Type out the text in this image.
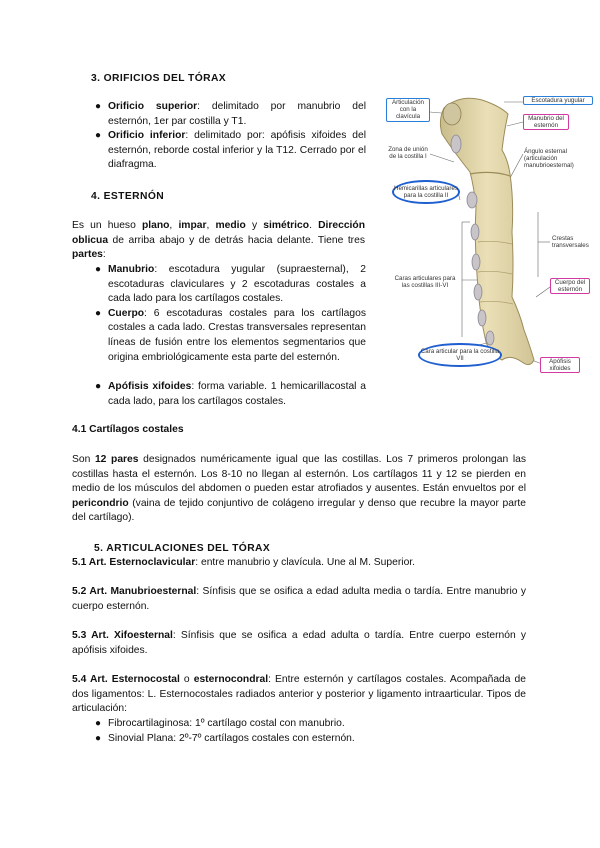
3. ORIFICIOS DEL TÓRAX
● Orificio superior: delimitado por manubrio del esternón, 1er par costilla y T1.
● Orificio inferior: delimitado por: apófisis xifoides del esternón, reborde costal inferior y la T12. Cerrado por el diafragma.
4. ESTERNÓN
Es un hueso plano, impar, medio y simétrico. Dirección oblicua de arriba abajo y de detrás hacia delante. Tiene tres partes:
● Manubrio: escotadura yugular (supraesternal), 2 escotaduras claviculares y 2 escotaduras costales a cada lado para los cartílagos costales.
● Cuerpo: 6 escotaduras costales para los cartílagos costales a cada lado. Crestas transversales representan líneas de fusión entre los elementos segmentarios que origina embriológicamente esta parte del esternón.
● Apófisis xifoides: forma variable. 1 hemicarillacostal a cada lado, para los cartílagos costales.
Articulación con la clavícula
Escotadura yugular
Manubrio del esternón
Zona de unión de la costilla I
Ángulo esternal (articulación manubrioesternal)
Hemicarillas articulares para la costilla II
Crestas transversales
Caras articulares para las costillas III-VI	Cuerpo del esternón
Cara articular para la costilla VII	Apófisis xifoides
4.1 Cartílagos costales
Son 12 pares designados numéricamente igual que las costillas. Los 7 primeros prolongan las costillas hasta el esternón. Los 8-10 no llegan al esternón. Los cartílagos 11 y 12 se pierden en medio de los músculos del abdomen o pueden estar atrofiados y ausentes. Están envueltos por el pericondrio (vaina de tejido conjuntivo de colágeno irregular y denso que recubre la mayor parte del cartílago).
5. ARTICULACIONES DEL TÓRAX
5.1 Art. Esternoclavicular: entre manubrio y clavícula. Une al M. Superior.
5.2 Art. Manubrioesternal: Sínfisis que se osifica a edad adulta media o tardía. Entre manubrio y cuerpo esternón.
5.3 Art. Xifoesternal: Sínfisis que se osifica a edad adulta o tardía. Entre cuerpo esternón y apófisis xifoides.
5.4 Art. Esternocostal o esternocondral: Entre esternón y cartílagos costales. Acompañada de dos ligamentos: L. Esternocostales radiados anterior y posterior y ligamento intraarticular. Tipos de articulación:
● Fibrocartilaginosa: 1º cartílago costal con manubrio.
● Sinovial Plana: 2º-7º cartílagos costales con esternón.
